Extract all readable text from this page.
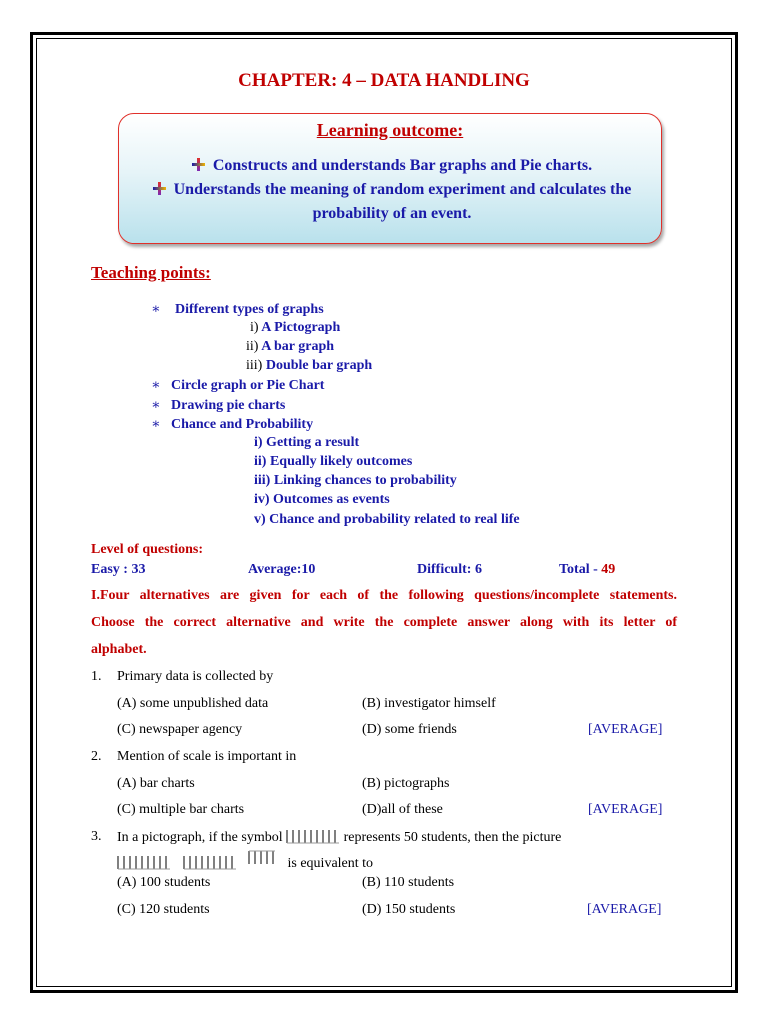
CHAPTER: 4 – DATA HANDLING
Learning outcome:
Constructs and understands Bar graphs and Pie charts.
Understands the meaning of random experiment and calculates the
probability of an event.
Teaching points:
∗ Different types of graphs
i) A Pictograph
ii) A bar graph
iii) Double bar graph
∗ Circle graph or Pie Chart
∗ Drawing pie charts
∗ Chance and Probability
i) Getting a result
ii) Equally likely outcomes
iii) Linking chances to probability
iv) Outcomes as events
v) Chance and probability related to real life
Level of questions:
Easy : 33	Average:10	Difficult: 6	Total - 49
I.Four alternatives are given for each of the following questions/incomplete statements.
Choose the correct alternative and write the complete answer along with its letter of
alphabet.
1. Primary data is collected by
(A) some unpublished data	(B) investigator himself
(C) newspaper agency	(D) some friends	[AVERAGE]
2. Mention of scale is important in
(A) bar charts	(B) pictographs
(C) multiple bar charts	(D)all of these	[AVERAGE]
3. In a pictograph, if the symbol	represents 50 students, then the picture

is equivalent to
(A) 100 students	(B) 110 students
(C) 120 students	(D) 150 students	[AVERAGE]
